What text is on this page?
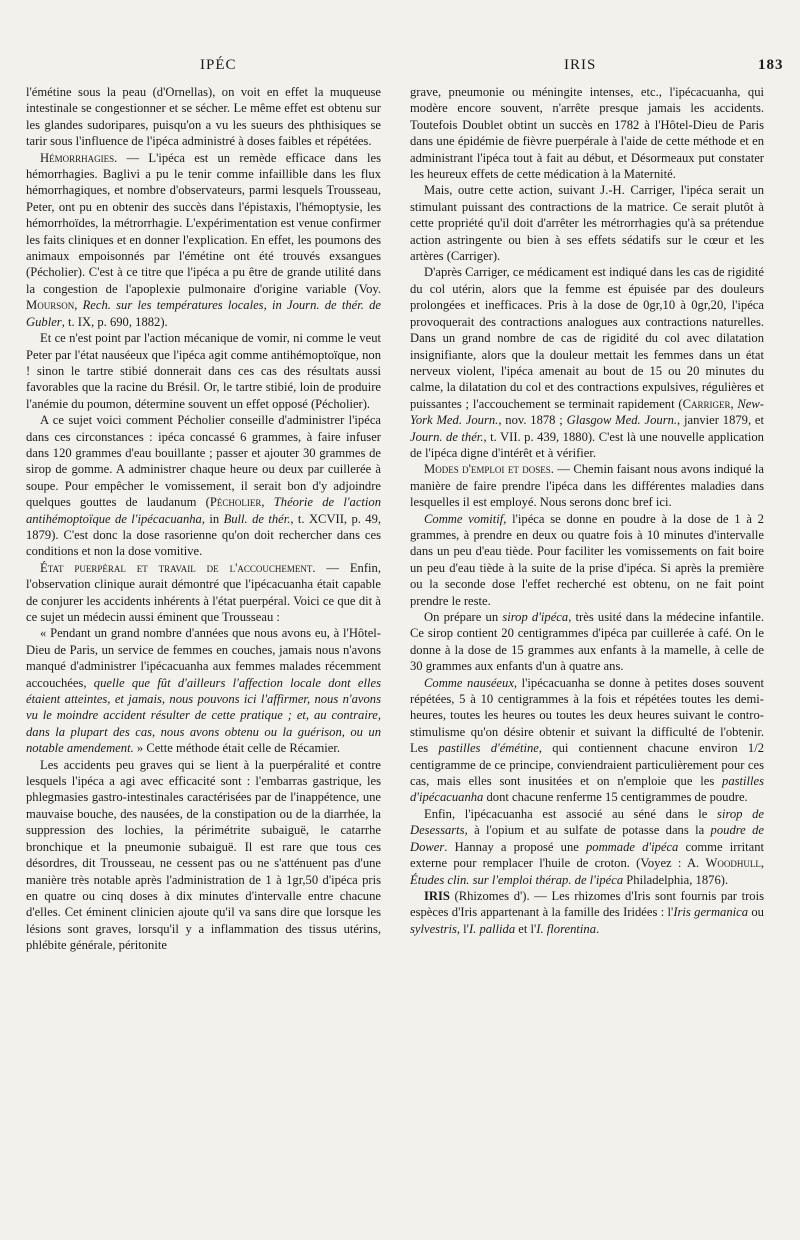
IPÉC	IRIS	183

l'émétine sous la peau (d'Ornellas), on voit en effet la muqueuse intestinale se congestionner et se sécher. Le même effet est obtenu sur les glandes sudoripares, puisqu'on a vu les sueurs des phthisiques se tarir sous l'influence de l'ipéca administré à doses faibles et répétées.

Hémorrhagies. — L'ipéca est un remède efficace dans les hémorrhagies. Baglivi a pu le tenir comme infaillible dans les flux hémorrhagiques, et nombre d'observateurs, parmi lesquels Trousseau, Peter, ont pu en obtenir des succès dans l'épistaxis, l'hémoptysie, les hémorrhoïdes, la métrorrhagie. L'expérimentation est venue confirmer les faits cliniques et en donner l'explication. En effet, les poumons des animaux empoisonnés par l'émétine ont été trouvés exsangues (Pécholier). C'est à ce titre que l'ipéca a pu être de grande utilité dans la congestion de l'apoplexie pulmonaire d'origine variable (Voy. Mourson, Rech. sur les températures locales, in Journ. de thér. de Gubler, t. IX, p. 690, 1882).

Et ce n'est point par l'action mécanique de vomir, ni comme le veut Peter par l'état nauséeux que l'ipéca agit comme antihémoptoïque, non ! sinon le tartre stibié donnerait dans ces cas des résultats aussi favorables que la racine du Brésil. Or, le tartre stibié, loin de produire l'anémie du poumon, détermine souvent un effet opposé (Pécholier).

A ce sujet voici comment Pécholier conseille d'administrer l'ipéca dans ces circonstances : ipéca concassé 6 grammes, à faire infuser dans 120 grammes d'eau bouillante ; passer et ajouter 30 grammes de sirop de gomme. A administrer chaque heure ou deux par cuillerée à soupe. Pour empêcher le vomissement, il serait bon d'y adjoindre quelques gouttes de laudanum (Pécholier, Théorie de l'action antihémoptoïque de l'ipécacuanha, in Bull. de thér., t. XCVII, p. 49, 1879). C'est donc la dose rasorienne qu'on doit rechercher dans ces conditions et non la dose vomitive.

État puerpéral et travail de l'accouchement. — Enfin, l'observation clinique aurait démontré que l'ipécacuanha était capable de conjurer les accidents inhérents à l'état puerpéral. Voici ce que dit à ce sujet un médecin aussi éminent que Trousseau :

« Pendant un grand nombre d'années que nous avons eu, à l'Hôtel-Dieu de Paris, un service de femmes en couches, jamais nous n'avons manqué d'administrer l'ipécacuanha aux femmes malades récemment accouchées, quelle que fût d'ailleurs l'affection locale dont elles étaient atteintes, et jamais, nous pouvons ici l'affirmer, nous n'avons vu le moindre accident résulter de cette pratique ; et, au contraire, dans la plupart des cas, nous avons obtenu ou la guérison, ou un notable amendement. » Cette méthode était celle de Récamier.

Les accidents peu graves qui se lient à la puerpéralité et contre lesquels l'ipéca a agi avec efficacité sont : l'embarras gastrique, les phlegmasies gastro-intestinales caractérisées par de l'inappétence, une mauvaise bouche, des nausées, de la constipation ou de la diarrhée, la suppression des lochies, la périmétrite subaiguë, le catarrhe bronchique et la pneumonie subaiguë. Il est rare que tous ces désordres, dit Trousseau, ne cessent pas ou ne s'atténuent pas d'une manière très notable après l'administration de 1 à 1gr,50 d'ipéca pris en quatre ou cinq doses à dix minutes d'intervalle entre chacune d'elles. Cet éminent clinicien ajoute qu'il va sans dire que lorsque les lésions sont graves, lorsqu'il y a inflammation des tissus utérins, phlébite générale, péritonite

grave, pneumonie ou méningite intenses, etc., l'ipécacuanha, qui modère encore souvent, n'arrête presque jamais les accidents. Toutefois Doublet obtint un succès en 1782 à l'Hôtel-Dieu de Paris dans une épidémie de fièvre puerpérale à l'aide de cette méthode et en administrant l'ipéca tout à fait au début, et Désormeaux put constater les heureux effets de cette médication à la Maternité.

Mais, outre cette action, suivant J.-H. Carriger, l'ipéca serait un stimulant puissant des contractions de la matrice. Ce serait plutôt à cette propriété qu'il doit d'arrêter les métrorrhagies qu'à sa prétendue action astringente ou bien à ses effets sédatifs sur le cœur et les artères (Carriger).

D'après Carriger, ce médicament est indiqué dans les cas de rigidité du col utérin, alors que la femme est épuisée par des douleurs prolongées et inefficaces. Pris à la dose de 0gr,10 à 0gr,20, l'ipéca provoquerait des contractions analogues aux contractions naturelles. Dans un grand nombre de cas de rigidité du col avec dilatation insignifiante, alors que la douleur mettait les femmes dans un état nerveux violent, l'ipéca amenait au bout de 15 ou 20 minutes du calme, la dilatation du col et des contractions expulsives, régulières et puissantes ; l'accouchement se terminait rapidement (Carriger, New-York Med. Journ., nov. 1878 ; Glasgow Med. Journ., janvier 1879, et Journ. de thér., t. VII. p. 439, 1880). C'est là une nouvelle application de l'ipéca digne d'intérêt et à vérifier.

Modes d'emploi et doses. — Chemin faisant nous avons indiqué la manière de faire prendre l'ipéca dans les différentes maladies dans lesquelles il est employé. Nous serons donc bref ici.

Comme vomitif, l'ipéca se donne en poudre à la dose de 1 à 2 grammes, à prendre en deux ou quatre fois à 10 minutes d'intervalle dans un peu d'eau tiède. Pour faciliter les vomissements on fait boire un peu d'eau tiède à la suite de la prise d'ipéca. Si après la première ou la seconde dose l'effet recherché est obtenu, on ne fait point prendre le reste.

On prépare un sirop d'ipéca, très usité dans la médecine infantile. Ce sirop contient 20 centigrammes d'ipéca par cuillerée à café. On le donne à la dose de 15 grammes aux enfants à la mamelle, à celle de 30 grammes aux enfants d'un à quatre ans.

Comme nauséeux, l'ipécacuanha se donne à petites doses souvent répétées, 5 à 10 centigrammes à la fois et répétées toutes les demi-heures, toutes les heures ou toutes les deux heures suivant le contro-stimulisme qu'on désire obtenir et suivant la difficulté de l'obtenir. Les pastilles d'émétine, qui contiennent chacune environ 1/2 centigramme de ce principe, conviendraient particulièrement pour ces cas, mais elles sont inusitées et on n'emploie que les pastilles d'ipécacuanha dont chacune renferme 15 centigrammes de poudre.

Enfin, l'ipécacuanha est associé au séné dans le sirop de Desessarts, à l'opium et au sulfate de potasse dans la poudre de Dower. Hannay a proposé une pommade d'ipéca comme irritant externe pour remplacer l'huile de croton. (Voyez : A. Woodhull, Études clin. sur l'emploi thérap. de l'ipéca Philadelphia, 1876).

IRIS (Rhizomes d'). — Les rhizomes d'Iris sont fournis par trois espèces d'Iris appartenant à la famille des Iridées : l'Iris germanica ou sylvestris, l'I. pallida et l'I. florentina.
